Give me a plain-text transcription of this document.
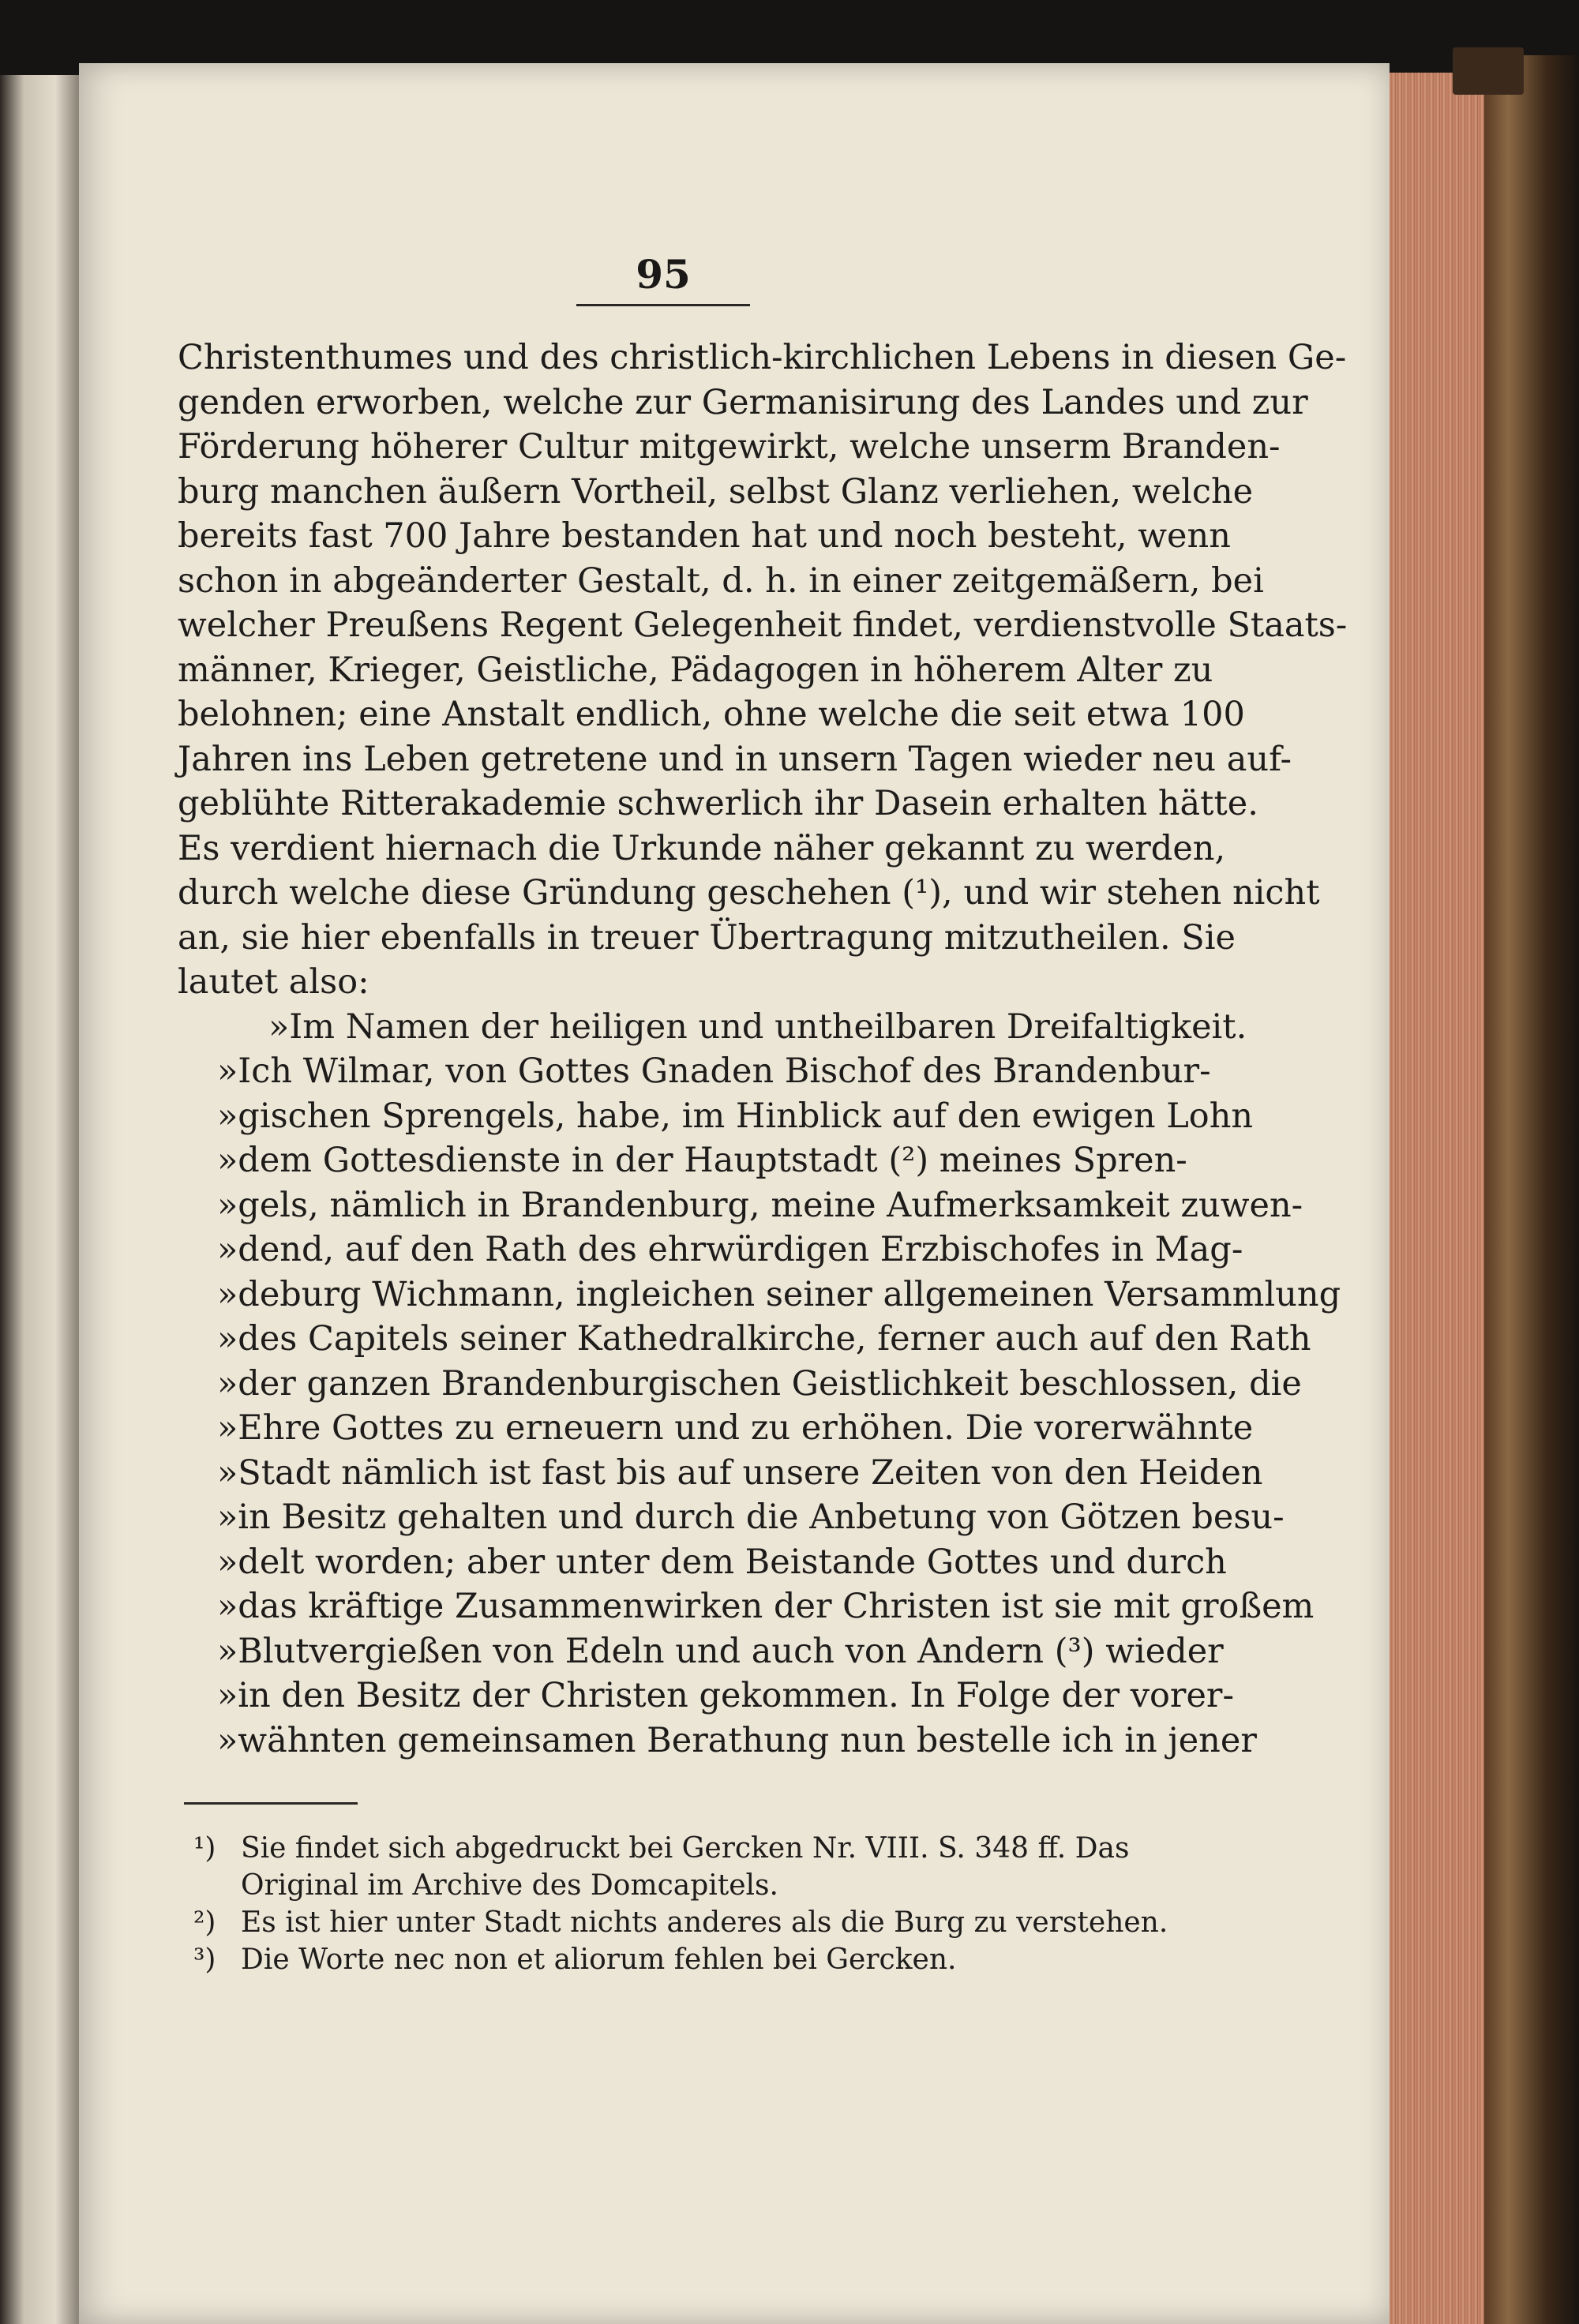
95
Christenthumes und des christlich-kirchlichen Lebens in diesen Ge-
genden erworben, welche zur Germanisirung des Landes und zur
Förderung höherer Cultur mitgewirkt, welche unserm Branden-
burg manchen äußern Vortheil, selbst Glanz verliehen, welche
bereits fast 700 Jahre bestanden hat und noch besteht, wenn
schon in abgeänderter Gestalt, d. h. in einer zeitgemäßern, bei
welcher Preußens Regent Gelegenheit findet, verdienstvolle Staats-
männer, Krieger, Geistliche, Pädagogen in höherem Alter zu
belohnen; eine Anstalt endlich, ohne welche die seit etwa 100
Jahren ins Leben getretene und in unsern Tagen wieder neu auf-
geblühte Ritterakademie schwerlich ihr Dasein erhalten hätte.
Es verdient hiernach die Urkunde näher gekannt zu werden,
durch welche diese Gründung geschehen (¹), und wir stehen nicht
an, sie hier ebenfalls in treuer Übertragung mitzutheilen. Sie
lautet also:
»Im Namen der heiligen und untheilbaren Dreifaltigkeit.
»Ich Wilmar, von Gottes Gnaden Bischof des Brandenbur-
»gischen Sprengels, habe, im Hinblick auf den ewigen Lohn
»dem Gottesdienste in der Hauptstadt (²) meines Spren-
»gels, nämlich in Brandenburg, meine Aufmerksamkeit zuwen-
»dend, auf den Rath des ehrwürdigen Erzbischofes in Mag-
»deburg Wichmann, ingleichen seiner allgemeinen Versammlung
»des Capitels seiner Kathedralkirche, ferner auch auf den Rath
»der ganzen Brandenburgischen Geistlichkeit beschlossen, die
»Ehre Gottes zu erneuern und zu erhöhen. Die vorerwähnte
»Stadt nämlich ist fast bis auf unsere Zeiten von den Heiden
»in Besitz gehalten und durch die Anbetung von Götzen besu-
»delt worden; aber unter dem Beistande Gottes und durch
»das kräftige Zusammenwirken der Christen ist sie mit großem
»Blutvergießen von Edeln und auch von Andern (³) wieder
»in den Besitz der Christen gekommen. In Folge der vorer-
»wähnten gemeinsamen Berathung nun bestelle ich in jener
¹) Sie findet sich abgedruckt bei Gercken Nr. VIII. S. 348 ff. Das
Original im Archive des Domcapitels.
²) Es ist hier unter Stadt nichts anderes als die Burg zu verstehen.
³) Die Worte nec non et aliorum fehlen bei Gercken.
